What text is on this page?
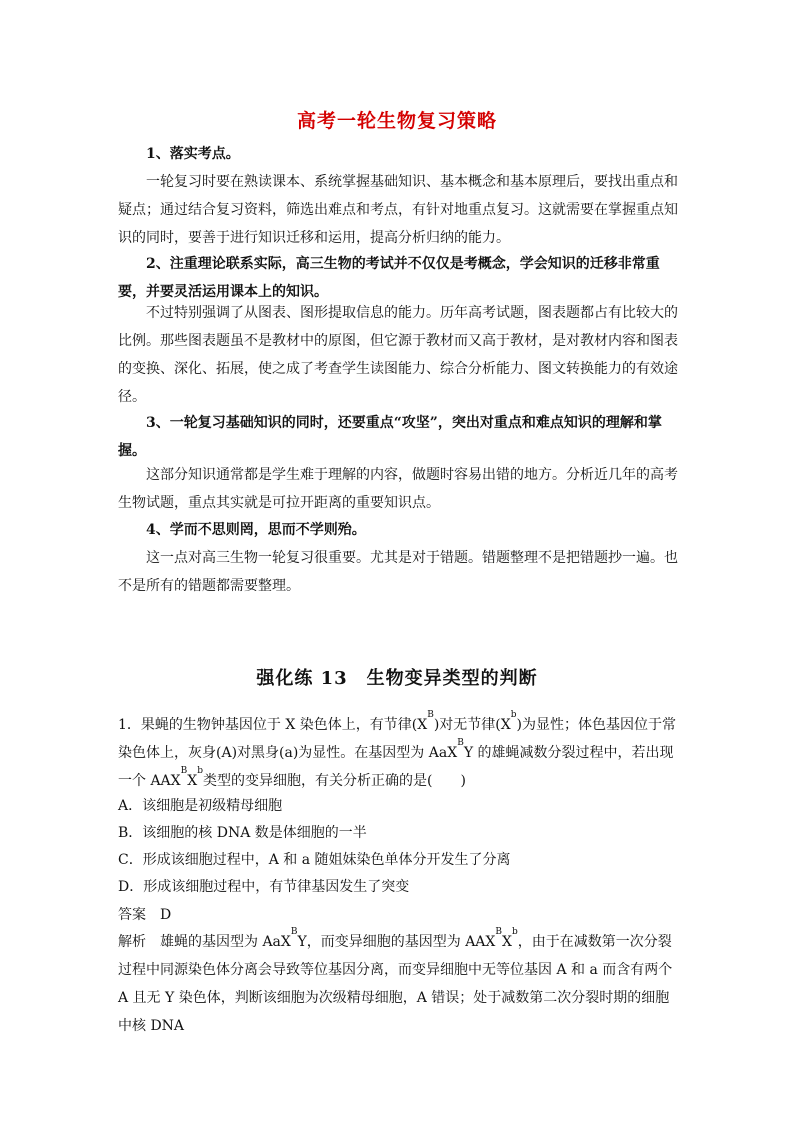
高考一轮生物复习策略

1、落实考点。

一轮复习时要在熟读课本、系统掌握基础知识、基本概念和基本原理后，要找出重点和疑点；通过结合复习资料，筛选出难点和考点，有针对地重点复习。这就需要在掌握重点知识的同时，要善于进行知识迁移和运用，提高分析归纳的能力。

2、注重理论联系实际，高三生物的考试并不仅仅是考概念，学会知识的迁移非常重要，并要灵活运用课本上的知识。

不过特别强调了从图表、图形提取信息的能力。历年高考试题，图表题都占有比较大的比例。那些图表题虽不是教材中的原图，但它源于教材而又高于教材，是对教材内容和图表的变换、深化、拓展，使之成了考查学生读图能力、综合分析能力、图文转换能力的有效途径。

3、一轮复习基础知识的同时，还要重点“攻坚”，突出对重点和难点知识的理解和掌握。

这部分知识通常都是学生难于理解的内容，做题时容易出错的地方。分析近几年的高考生物试题，重点其实就是可拉开距离的重要知识点。

4、学而不思则罔，思而不学则殆。

这一点对高三生物一轮复习很重要。尤其是对于错题。错题整理不是把错题抄一遍。也不是所有的错题都需要整理。

强化练 13　生物变异类型的判断

1．果蝇的生物钟基因位于 X 染色体上，有节律$(X^B)$对无节律$(X^b)$为显性；体色基因位于常染色体上，灰身(A)对黑身(a)为显性。在基因型为 AaX$^B$Y 的雄蝇减数分裂过程中，若出现一个 $AAX^BX^b$类型的变异细胞，有关分析正确的是(　　)

A．该细胞是初级精母细胞

B．该细胞的核 DNA 数是体细胞的一半

C．形成该细胞过程中，A 和 a 随姐妹染色单体分开发生了分离

D．形成该细胞过程中，有节律基因发生了突变

答案 D

解析 雄蝇的基因型为 AaX$^B$Y，而变异细胞的基因型为 $AAX^BX^b$，由于在减数第一次分裂过程中同源染色体分离会导致等位基因分离，而变异细胞中无等位基因 A 和 a 而含有两个 A 且无 Y 染色体，判断该细胞为次级精母细胞，A 错误；处于减数第二次分裂时期的细胞中核 DNA
